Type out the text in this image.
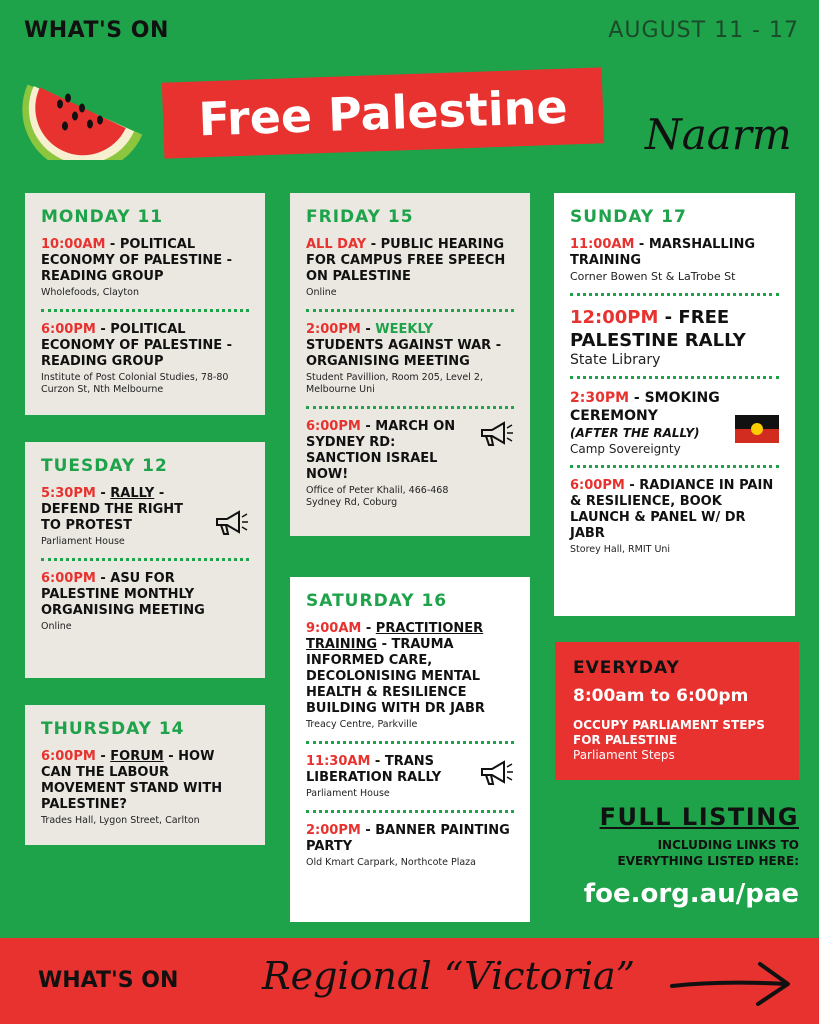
WHAT'S ON	AUGUST 11 - 17
Free Palestine Naarm
MONDAY 11
10:00AM - POLITICAL ECONOMY OF PALESTINE - READING GROUP
Wholefoods, Clayton
6:00PM - POLITICAL ECONOMY OF PALESTINE - READING GROUP
Institute of Post Colonial Studies, 78-80 Curzon St, Nth Melbourne
TUESDAY 12
5:30PM - RALLY - DEFEND THE RIGHT TO PROTEST
Parliament House
6:00PM - ASU FOR PALESTINE MONTHLY ORGANISING MEETING
Online
THURSDAY 14
6:00PM - FORUM - HOW CAN THE LABOUR MOVEMENT STAND WITH PALESTINE?
Trades Hall, Lygon Street, Carlton
FRIDAY 15
ALL DAY - PUBLIC HEARING FOR CAMPUS FREE SPEECH ON PALESTINE
Online
2:00PM - WEEKLY STUDENTS AGAINST WAR - ORGANISING MEETING
Student Pavillion, Room 205, Level 2, Melbourne Uni
6:00PM - MARCH ON SYDNEY RD: SANCTION ISRAEL NOW!
Office of Peter Khalil, 466-468 Sydney Rd, Coburg
SATURDAY 16
9:00AM - PRACTITIONER TRAINING - TRAUMA INFORMED CARE, DECOLONISING MENTAL HEALTH & RESILIENCE BUILDING WITH DR JABR
Treacy Centre, Parkville
11:30AM - TRANS LIBERATION RALLY
Parliament House
2:00PM - BANNER PAINTING PARTY
Old Kmart Carpark, Northcote Plaza
SUNDAY 17
11:00AM - MARSHALLING TRAINING
Corner Bowen St & LaTrobe St
12:00PM - FREE PALESTINE RALLY
State Library
2:30PM - SMOKING CEREMONY
(AFTER THE RALLY)
Camp Sovereignty
6:00PM - RADIANCE IN PAIN & RESILIENCE, BOOK LAUNCH & PANEL W/ DR JABR
Storey Hall, RMIT Uni
EVERYDAY
8:00am to 6:00pm
OCCUPY PARLIAMENT STEPS FOR PALESTINE
Parliament Steps
FULL LISTING
INCLUDING LINKS TO
EVERYTHING LISTED HERE:
foe.org.au/pae
WHAT'S ON Regional “Victoria”
